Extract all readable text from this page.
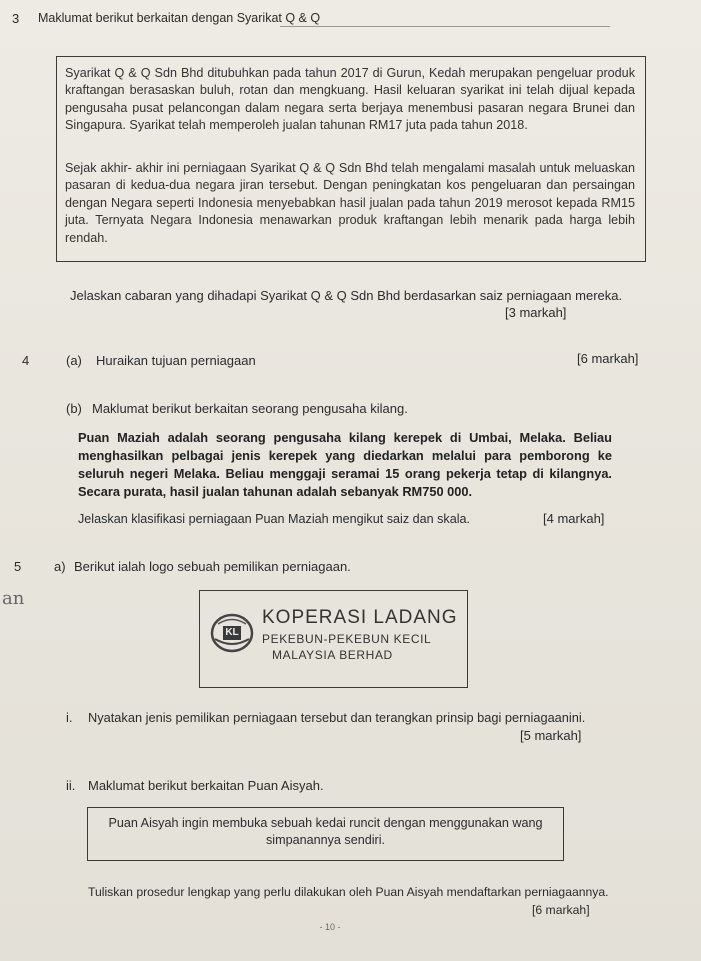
3 Maklumat berikut berkaitan dengan Syarikat Q & Q
Syarikat Q & Q Sdn Bhd ditubuhkan pada tahun 2017 di Gurun, Kedah merupakan pengeluar produk kraftangan berasaskan buluh, rotan dan mengkuang. Hasil keluaran syarikat ini telah dijual kepada pengusaha pusat pelancongan dalam negara serta berjaya menembusi pasaran negara Brunei dan Singapura. Syarikat telah memperoleh jualan tahunan RM17 juta pada tahun 2018.
Sejak akhir- akhir ini perniagaan Syarikat Q & Q Sdn Bhd telah mengalami masalah untuk meluaskan pasaran di kedua-dua negara jiran tersebut. Dengan peningkatan kos pengeluaran dan persaingan dengan Negara seperti Indonesia menyebabkan hasil jualan pada tahun 2019 merosot kepada RM15 juta. Ternyata Negara Indonesia menawarkan produk kraftangan lebih menarik pada harga lebih rendah.
Jelaskan cabaran yang dihadapi Syarikat Q & Q Sdn Bhd berdasarkan saiz perniagaan mereka.
[3 markah]
4	(a) Huraikan tujuan perniagaan	[6 markah]
(b) Maklumat berikut berkaitan seorang pengusaha kilang.
Puan Maziah adalah seorang pengusaha kilang kerepek di Umbai, Melaka. Beliau menghasilkan pelbagai jenis kerepek yang diedarkan melalui para pemborong ke seluruh negeri Melaka. Beliau menggaji seramai 15 orang pekerja tetap di kilangnya. Secara purata, hasil jualan tahunan adalah sebanyak RM750 000.
Jelaskan klasifikasi perniagaan Puan Maziah mengikut saiz dan skala.	[4 markah]
5	a) Berikut ialah logo sebuah pemilikan perniagaan.
an
KL
KOPERASI LADANG
PEKEBUN-PEKEBUN KECIL
MALAYSIA BERHAD
i. Nyatakan jenis pemilikan perniagaan tersebut dan terangkan prinsip bagi perniagaanini.
[5 markah]
ii. Maklumat berikut berkaitan Puan Aisyah.
Puan Aisyah ingin membuka sebuah kedai runcit dengan menggunakan wang simpanannya sendiri.
Tuliskan prosedur lengkap yang perlu dilakukan oleh Puan Aisyah mendaftarkan perniagaannya.
[6 markah]
- 10 -
